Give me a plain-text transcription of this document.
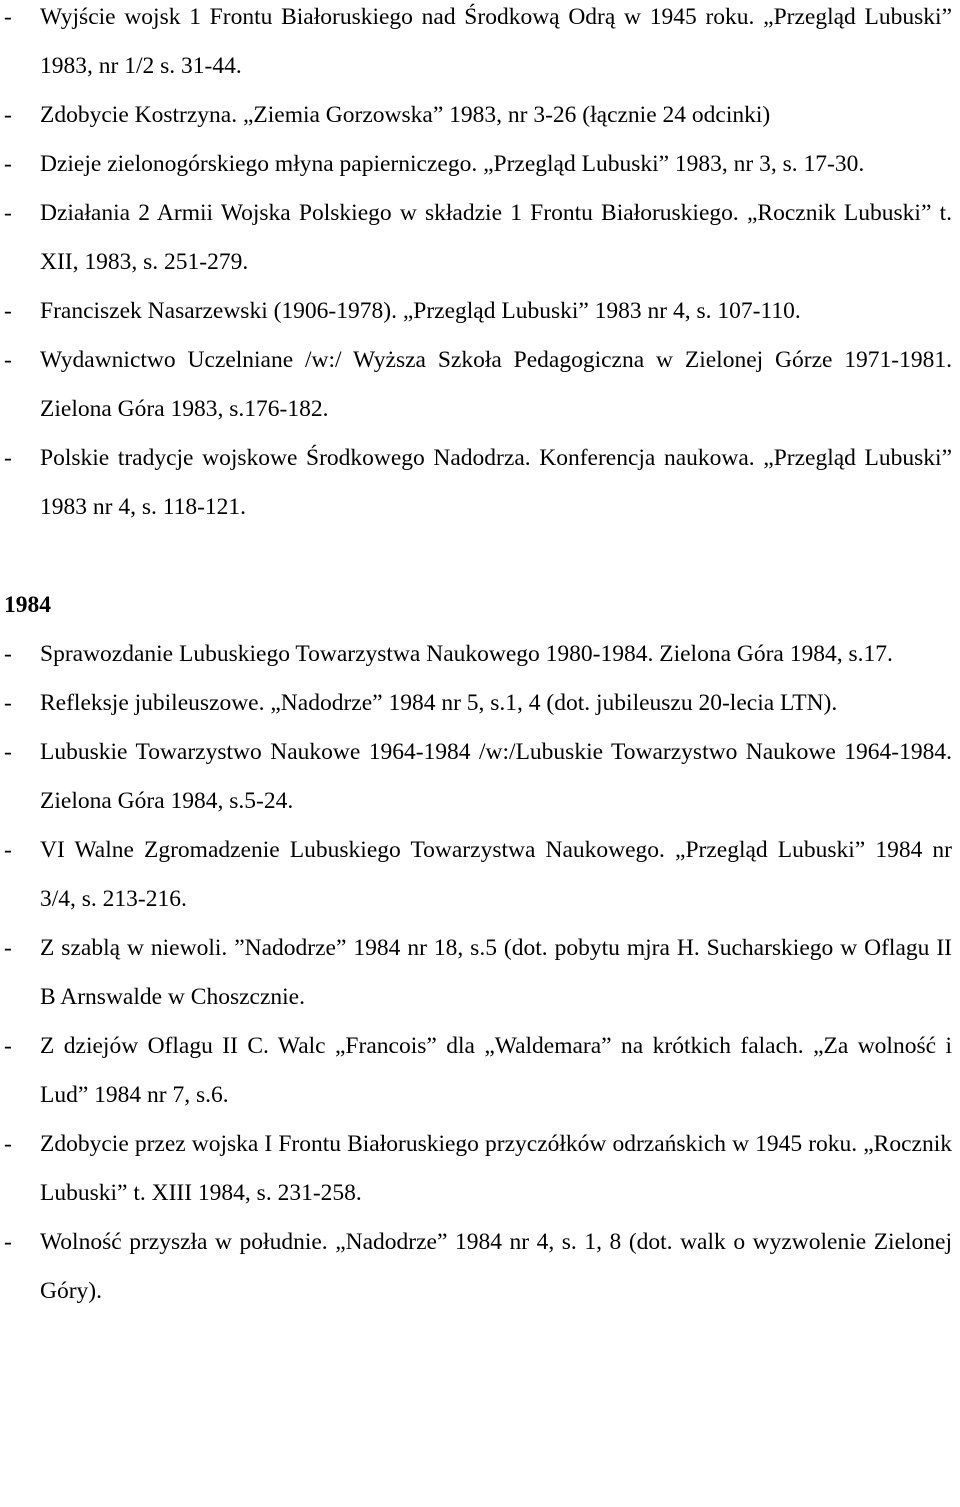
- Wyjście wojsk 1 Frontu Białoruskiego nad Środkową Odrą w 1945 roku. „Przegląd Lubuski” 1983, nr 1/2 s. 31-44.
- Zdobycie Kostrzyna. „Ziemia Gorzowska” 1983, nr 3-26 (łącznie 24 odcinki)
- Dzieje zielonogórskiego młyna papierniczego. „Przegląd Lubuski” 1983, nr 3, s. 17-30.
- Działania 2 Armii Wojska Polskiego w składzie 1 Frontu Białoruskiego. „Rocznik Lubuski” t. XII, 1983, s. 251-279.
- Franciszek Nasarzewski (1906-1978). „Przegląd Lubuski” 1983 nr 4, s. 107-110.
- Wydawnictwo Uczelniane /w:/ Wyższa Szkoła Pedagogiczna w Zielonej Górze 1971-1981. Zielona Góra 1983, s.176-182.
- Polskie tradycje wojskowe Środkowego Nadodrza. Konferencja naukowa. „Przegląd Lubuski” 1983 nr 4, s. 118-121.
1984
- Sprawozdanie Lubuskiego Towarzystwa Naukowego 1980-1984. Zielona Góra 1984, s.17.
- Refleksje jubileuszowe. „Nadodrze” 1984 nr 5, s.1, 4 (dot. jubileuszu 20-lecia LTN).
- Lubuskie Towarzystwo Naukowe 1964-1984 /w:/Lubuskie Towarzystwo Naukowe 1964-1984. Zielona Góra 1984, s.5-24.
- VI Walne Zgromadzenie Lubuskiego Towarzystwa Naukowego. „Przegląd Lubuski” 1984 nr 3/4, s. 213-216.
- Z szablą w niewoli. ”Nadodrze” 1984 nr 18, s.5 (dot. pobytu mjra H. Sucharskiego w Oflagu II B Arnswalde w Choszcznie.
- Z dziejów Oflagu II C. Walc „Francois” dla „Waldemara” na krótkich falach. „Za wolność i Lud” 1984 nr 7, s.6.
- Zdobycie przez wojska I Frontu Białoruskiego przyczółków odrzańskich w 1945 roku. „Rocznik Lubuski” t. XIII 1984, s. 231-258.
- Wolność przyszła w południe. „Nadodrze” 1984 nr 4, s. 1, 8 (dot. walk o wyzwolenie Zielonej Góry).
